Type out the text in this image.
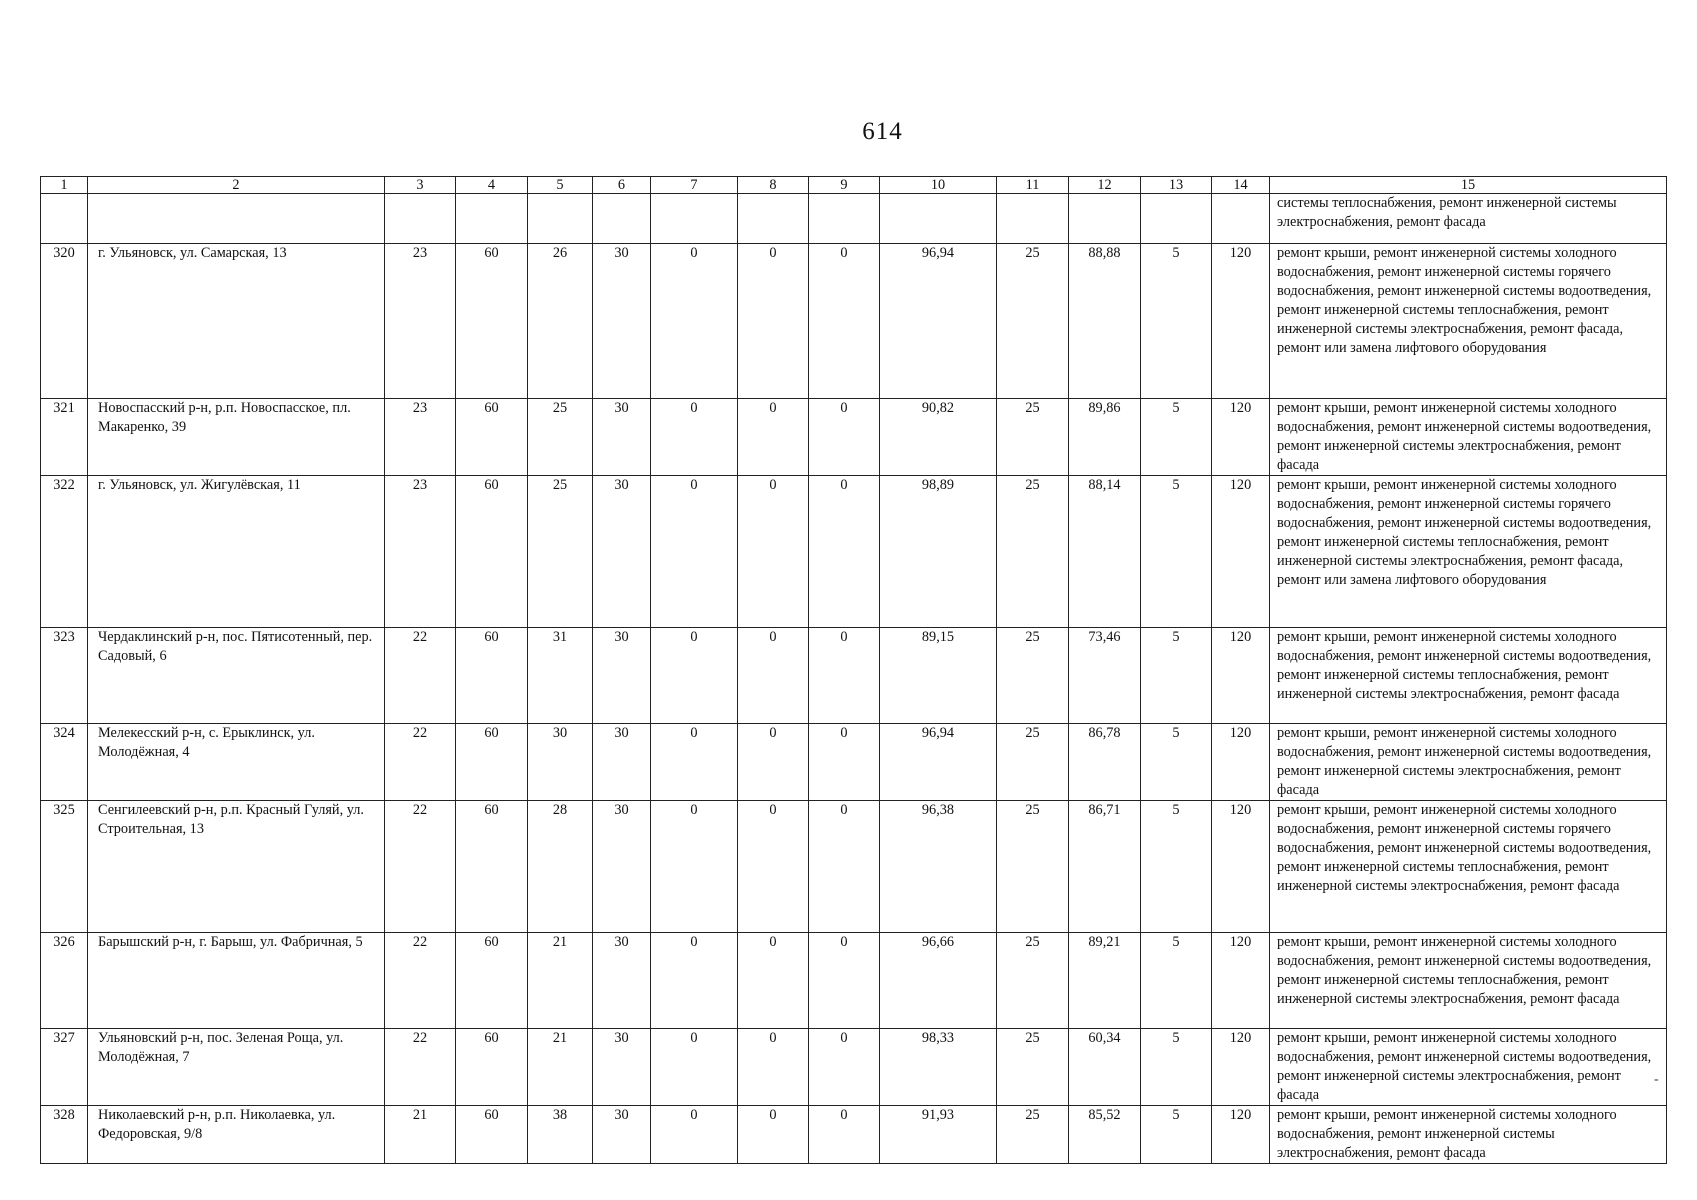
614
1	2	3	4	5	6	7	8	9	10	11	12	13	14	15
														системы теплоснабжения, ремонт инженерной системы электроснабжения, ремонт фасада
320	г. Ульяновск, ул. Самарская, 13	23	60	26	30	0	0	0	96,94	25	88,88	5	120	ремонт крыши, ремонт инженерной системы холодного водоснабжения, ремонт инженерной системы горячего водоснабжения, ремонт инженерной системы водоотведения, ремонт инженерной системы теплоснабжения, ремонт инженерной системы электроснабжения, ремонт фасада, ремонт или замена лифтового оборудования
321	Новоспасский р-н, р.п. Новоспасское, пл. Макаренко, 39	23	60	25	30	0	0	0	90,82	25	89,86	5	120	ремонт крыши, ремонт инженерной системы холодного водоснабжения, ремонт инженерной системы водоотведения, ремонт инженерной системы электроснабжения, ремонт фасада
322	г. Ульяновск, ул. Жигулёвская, 11	23	60	25	30	0	0	0	98,89	25	88,14	5	120	ремонт крыши, ремонт инженерной системы холодного водоснабжения, ремонт инженерной системы горячего водоснабжения, ремонт инженерной системы водоотведения, ремонт инженерной системы теплоснабжения, ремонт инженерной системы электроснабжения, ремонт фасада, ремонт или замена лифтового оборудования
323	Чердаклинский р-н, пос. Пятисотенный, пер. Садовый, 6	22	60	31	30	0	0	0	89,15	25	73,46	5	120	ремонт крыши, ремонт инженерной системы холодного водоснабжения, ремонт инженерной системы водоотведения, ремонт инженерной системы теплоснабжения, ремонт инженерной системы электроснабжения, ремонт фасада
324	Мелекесский р-н, с. Ерыклинск, ул. Молодёжная, 4	22	60	30	30	0	0	0	96,94	25	86,78	5	120	ремонт крыши, ремонт инженерной системы холодного водоснабжения, ремонт инженерной системы водоотведения, ремонт инженерной системы электроснабжения, ремонт фасада
325	Сенгилеевский р-н, р.п. Красный Гуляй, ул. Строительная, 13	22	60	28	30	0	0	0	96,38	25	86,71	5	120	ремонт крыши, ремонт инженерной системы холодного водоснабжения, ремонт инженерной системы горячего водоснабжения, ремонт инженерной системы водоотведения, ремонт инженерной системы теплоснабжения, ремонт инженерной системы электроснабжения, ремонт фасада
326	Барышский р-н, г. Барыш, ул. Фабричная, 5	22	60	21	30	0	0	0	96,66	25	89,21	5	120	ремонт крыши, ремонт инженерной системы холодного водоснабжения, ремонт инженерной системы водоотведения, ремонт инженерной системы теплоснабжения, ремонт инженерной системы электроснабжения, ремонт фасада
327	Ульяновский р-н, пос. Зеленая Роща, ул. Молодёжная, 7	22	60	21	30	0	0	0	98,33	25	60,34	5	120	ремонт крыши, ремонт инженерной системы холодного водоснабжения, ремонт инженерной системы водоотведения, ремонт инженерной системы электроснабжения, ремонт фасада
328	Николаевский р-н, р.п. Николаевка, ул. Федоровская, 9/8	21	60	38	30	0	0	0	91,93	25	85,52	5	120	ремонт крыши, ремонт инженерной системы холодного водоснабжения, ремонт инженерной системы электроснабжения, ремонт фасада
-
